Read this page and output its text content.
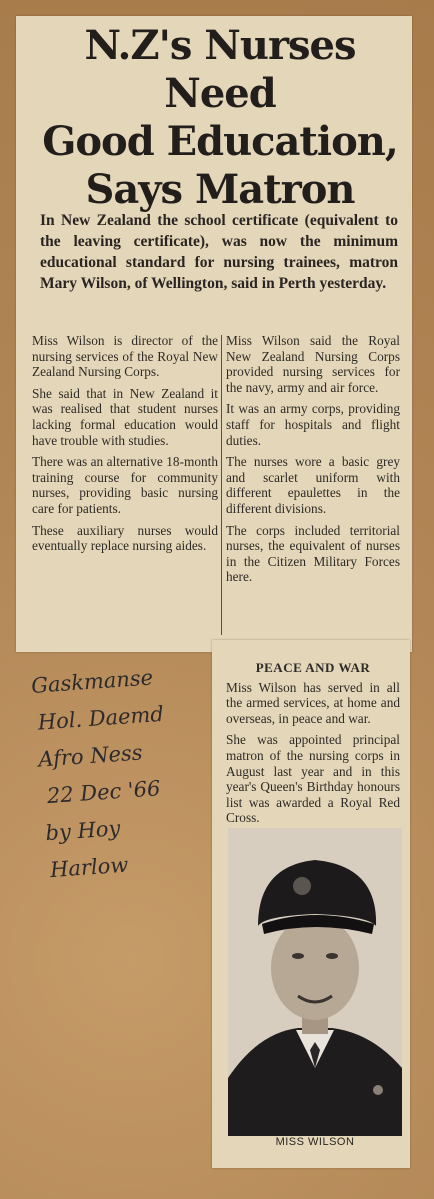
N.Z's Nurses Need
Good Education,
Says Matron

In New Zealand the school certificate (equivalent to the leaving certificate), was now the minimum educational standard for nursing trainees, matron Mary Wilson, of Wellington, said in Perth yesterday.

Miss Wilson is director of the nursing services of the Royal New Zealand Nursing Corps.

She said that in New Zealand it was realised that student nurses lacking formal education would have trouble with studies.

There was an alternative 18-month training course for community nurses, providing basic nursing care for patients.

These auxiliary nurses would eventually replace nursing aides.

Miss Wilson said the Royal New Zealand Nursing Corps provided nursing services for the navy, army and air force.

It was an army corps, providing staff for hospitals and flight duties.

The nurses wore a basic grey and scarlet uniform with different epaulettes in the different divisions.

The corps included territorial nurses, the equivalent of nurses in the Citizen Military Forces here.

PEACE AND WAR

Miss Wilson has served in all the armed services, at home and overseas, in peace and war.

She was appointed principal matron of the nursing corps in August last year and in this year's Queen's Birthday honours list was awarded a Royal Red Cross.

MISS WILSON
Gaskmanse
Hol. Daemd
Afro Ness
22 Dec '66
by Hoy
Harlow
